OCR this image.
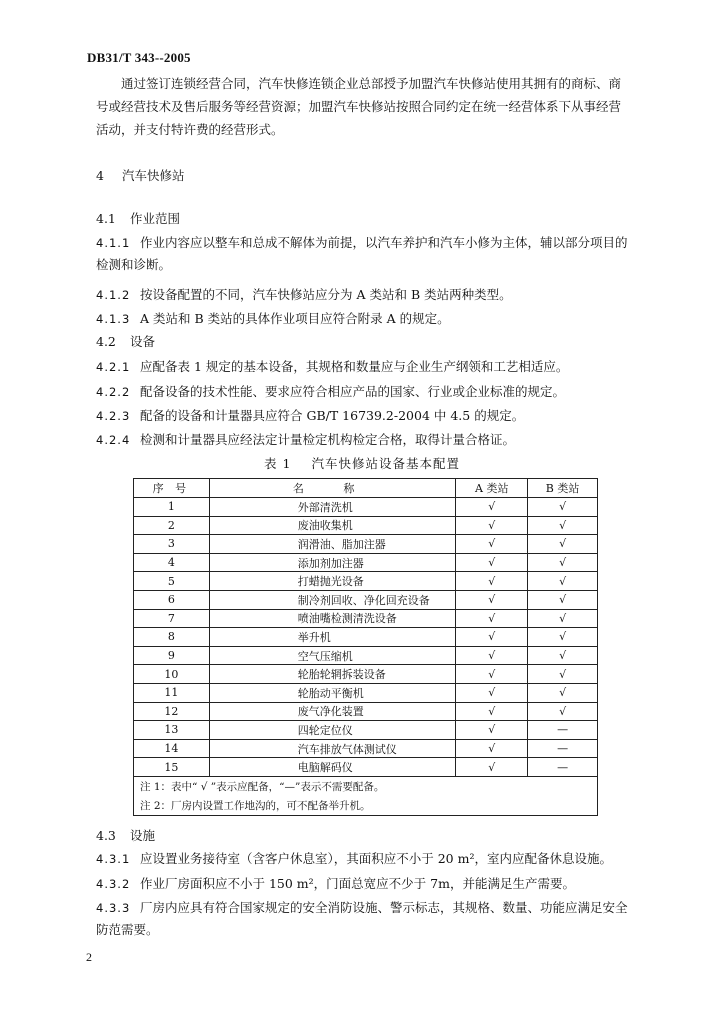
DB31/T 343--2005

通过签订连锁经营合同，汽车快修连锁企业总部授予加盟汽车快修站使用其拥有的商标、商号或经营技术及售后服务等经营资源；加盟汽车快修站按照合同约定在统一经营体系下从事经营活动，并支付特许费的经营形式。

4 汽车快修站
4.1 作业范围
4.1.1 作业内容应以整车和总成不解体为前提，以汽车养护和汽车小修为主体，辅以部分项目的检测和诊断。
4.1.2 按设备配置的不同，汽车快修站应分为 A 类站和 B 类站两种类型。
4.1.3 A 类站和 B 类站的具体作业项目应符合附录 A 的规定。
4.2 设备
4.2.1 应配备表 1 规定的基本设备，其规格和数量应与企业生产纲领和工艺相适应。
4.2.2 配备设备的技术性能、要求应符合相应产品的国家、行业或企业标准的规定。
4.2.3 配备的设备和计量器具应符合 GB/T 16739.2-2004 中 4.5 的规定。
4.2.4 检测和计量器具应经法定计量检定机构检定合格，取得计量合格证。
表 1 汽车快修站设备基本配置
序 号	名 称	A 类站	B 类站
1	外部清洗机	√	√
2	废油收集机	√	√
3	润滑油、脂加注器	√	√
4	添加剂加注器	√	√
5	打蜡抛光设备	√	√
6	制冷剂回收、净化回充设备	√	√
7	喷油嘴检测清洗设备	√	√
8	举升机	√	√
9	空气压缩机	√	√
10	轮胎轮辋拆装设备	√	√
11	轮胎动平衡机	√	√
12	废气净化装置	√	√
13	四轮定位仪	√	—
14	汽车排放气体测试仪	√	—
15	电脑解码仪	√	—
注 1：表中“ √ ”表示应配备，“—”表示不需要配备。			
注 2：厂房内设置工作地沟的，可不配备举升机。			
4.3 设施
4.3.1 应设置业务接待室（含客户休息室），其面积应不小于 20 m²，室内应配备休息设施。
4.3.2 作业厂房面积应不小于 150 m²，门面总宽应不少于 7m，并能满足生产需要。
4.3.3 厂房内应具有符合国家规定的安全消防设施、警示标志，其规格、数量、功能应满足安全防范需要。
2
